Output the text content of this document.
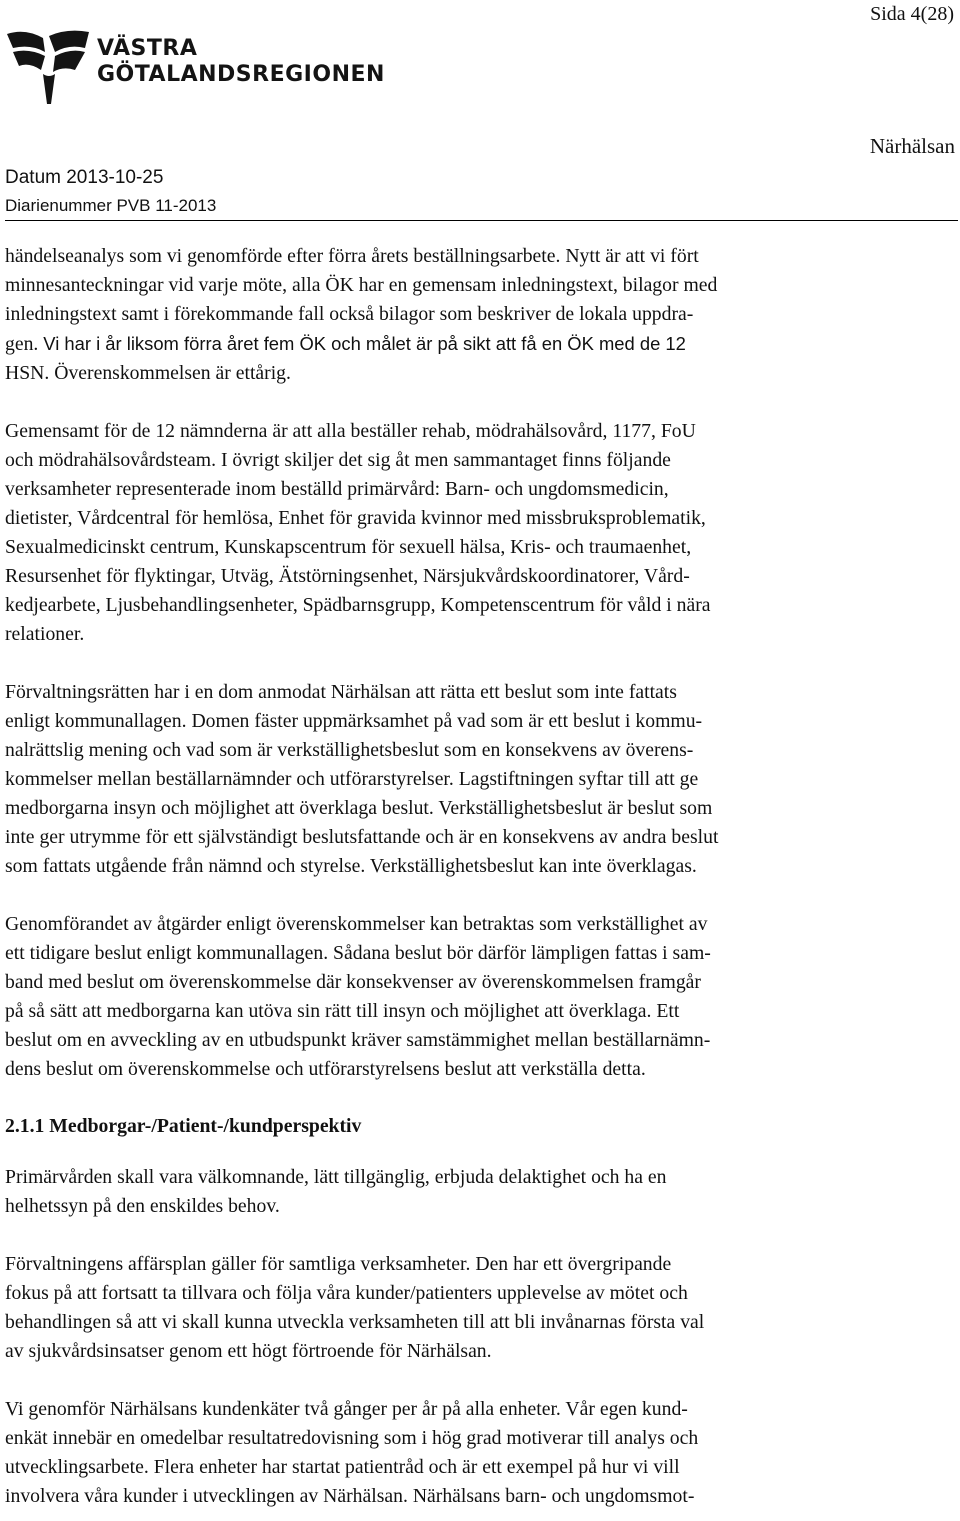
Sida 4(28)
VÄSTRA
GÖTALANDSREGIONEN
Närhälsan
Datum 2013-10-25
Diarienummer PVB 11-2013

händelseanalys som vi genomförde efter förra årets beställningsarbete. Nytt är att vi fört
minnesanteckningar vid varje möte, alla ÖK har en gemensam inledningstext, bilagor med
inledningstext samt i förekommande fall också bilagor som beskriver de lokala uppdra-
gen. Vi har i år liksom förra året fem ÖK och målet är på sikt att få en ÖK med de 12
HSN. Överenskommelsen är ettårig.

Gemensamt för de 12 nämnderna är att alla beställer rehab, mödrahälsovård, 1177, FoU
och mödrahälsovårdsteam. I övrigt skiljer det sig åt men sammantaget finns följande
verksamheter representerade inom beställd primärvård: Barn- och ungdomsmedicin,
dietister, Vårdcentral för hemlösa, Enhet för gravida kvinnor med missbruksproblematik,
Sexualmedicinskt centrum, Kunskapscentrum för sexuell hälsa, Kris- och traumaenhet,
Resursenhet för flyktingar, Utväg, Ätstörningsenhet, Närsjukvårdskoordinatorer, Vård-
kedjearbete, Ljusbehandlingsenheter, Spädbarnsgrupp, Kompetenscentrum för våld i nära
relationer.

Förvaltningsrätten har i en dom anmodat Närhälsan att rätta ett beslut som inte fattats
enligt kommunallagen. Domen fäster uppmärksamhet på vad som är ett beslut i kommu-
nalrättslig mening och vad som är verkställighetsbeslut som en konsekvens av överens-
kommelser mellan beställarnämnder och utförarstyrelser. Lagstiftningen syftar till att ge
medborgarna insyn och möjlighet att överklaga beslut. Verkställighetsbeslut är beslut som
inte ger utrymme för ett självständigt beslutsfattande och är en konsekvens av andra beslut
som fattats utgående från nämnd och styrelse. Verkställighetsbeslut kan inte överklagas.

Genomförandet av åtgärder enligt överenskommelser kan betraktas som verkställighet av
ett tidigare beslut enligt kommunallagen. Sådana beslut bör därför lämpligen fattas i sam-
band med beslut om överenskommelse där konsekvenser av överenskommelsen framgår
på så sätt att medborgarna kan utöva sin rätt till insyn och möjlighet att överklaga. Ett
beslut om en avveckling av en utbudspunkt kräver samstämmighet mellan beställarnämn-
dens beslut om överenskommelse och utförarstyrelsens beslut att verkställa detta.

2.1.1 Medborgar-/Patient-/kundperspektiv

Primärvården skall vara välkomnande, lätt tillgänglig, erbjuda delaktighet och ha en
helhetssyn på den enskildes behov.

Förvaltningens affärsplan gäller för samtliga verksamheter. Den har ett övergripande
fokus på att fortsatt ta tillvara och följa våra kunder/patienters upplevelse av mötet och
behandlingen så att vi skall kunna utveckla verksamheten till att bli invånarnas första val
av sjukvårdsinsatser genom ett högt förtroende för Närhälsan.

Vi genomför Närhälsans kundenkäter två gånger per år på alla enheter. Vår egen kund-
enkät innebär en omedelbar resultatredovisning som i hög grad motiverar till analys och
utvecklingsarbete. Flera enheter har startat patientråd och är ett exempel på hur vi vill
involvera våra kunder i utvecklingen av Närhälsan. Närhälsans barn- och ungdomsmot-
